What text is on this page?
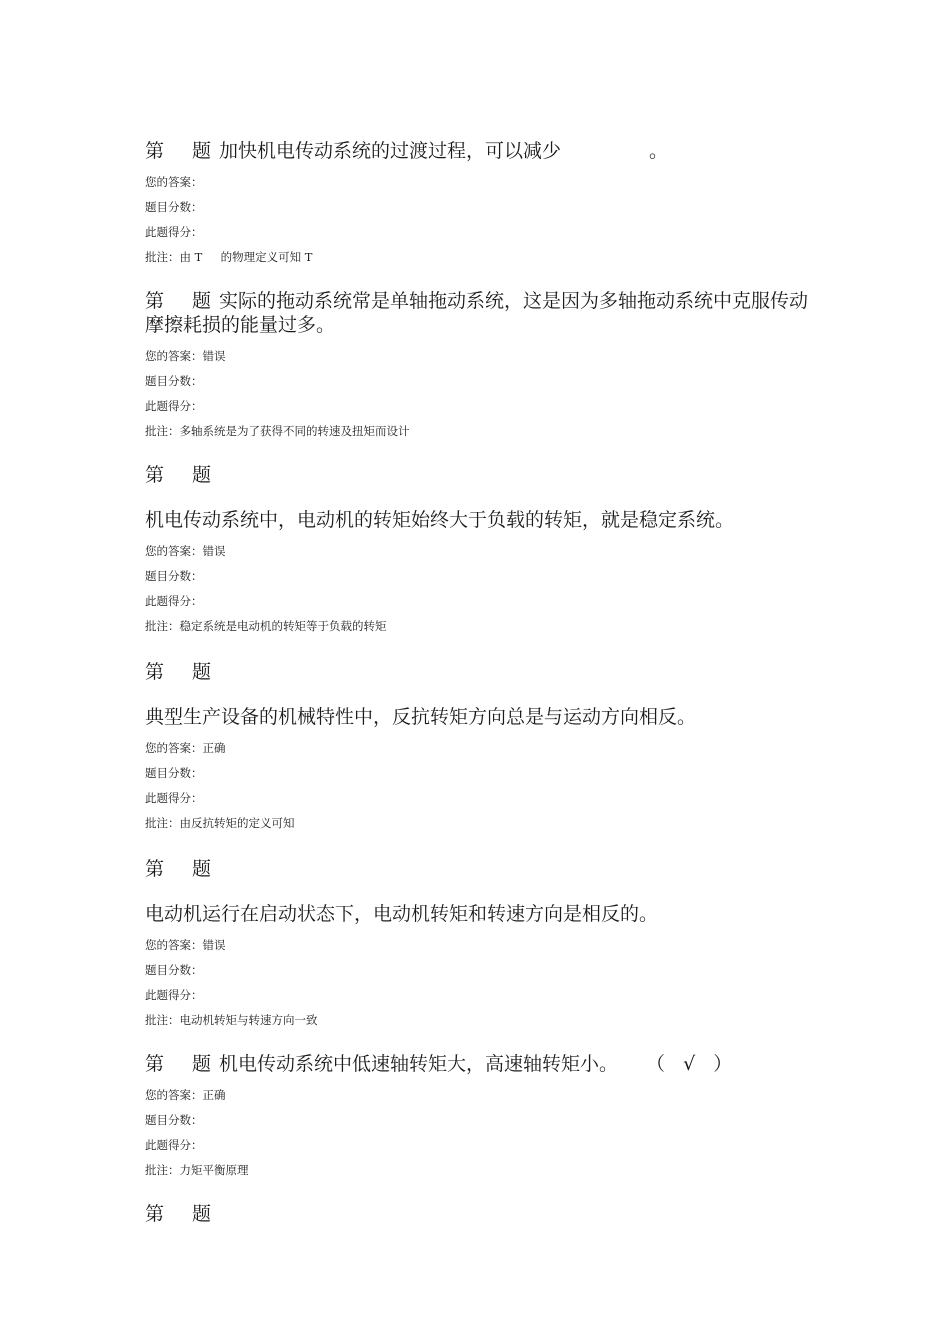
第 题 加快机电传动系统的过渡过程，可以减少	。
您的答案：
题目分数：
此题得分：
批注：由 T     的物理定义可知 T
第 题 实际的拖动系统常是单轴拖动系统，这是因为多轴拖动系统中克服传动摩擦耗损的能量过多。
您的答案：错误
题目分数：
此题得分：
批注：多轴系统是为了获得不同的转速及扭矩而设计
第 题
机电传动系统中，电动机的转矩始终大于负载的转矩，就是稳定系统。
您的答案：错误
题目分数：
此题得分：
批注：稳定系统是电动机的转矩等于负载的转矩
第 题
典型生产设备的机械特性中，反抗转矩方向总是与运动方向相反。
您的答案：正确
题目分数：
此题得分：
批注：由反抗转矩的定义可知
第 题
电动机运行在启动状态下，电动机转矩和转速方向是相反的。
您的答案：错误
题目分数：
此题得分：
批注：电动机转矩与转速方向一致
第 题 机电传动系统中低速轴转矩大，高速轴转矩小。 （ √ ）
您的答案：正确
题目分数：
此题得分：
批注：力矩平衡原理
第 题
